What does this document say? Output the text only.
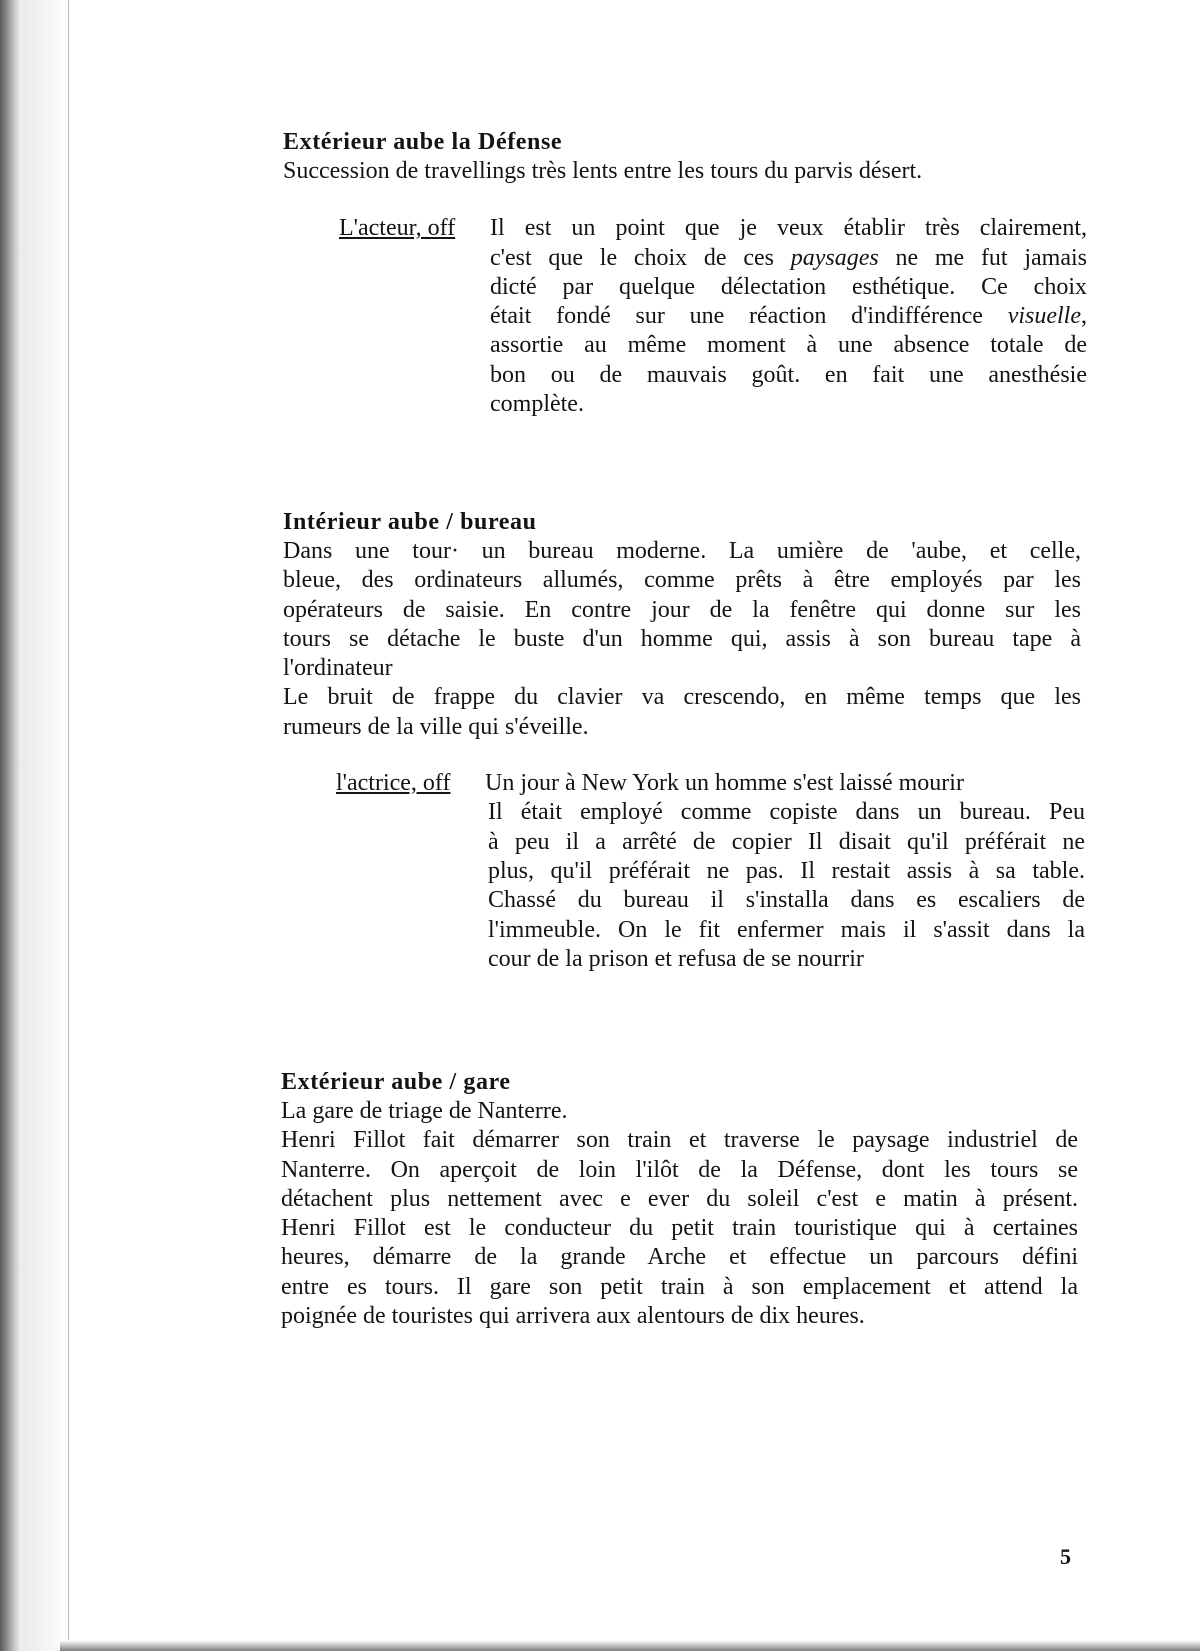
Extérieur aube la Défense

Succession de travellings très lents entre les tours du parvis désert.

L'acteur, off Il est un point que je veux établir très clairement,
c'est que le choix de ces paysages ne me fut jamais
dicté par quelque délectation esthétique. Ce choix
était fondé sur une réaction d'indifférence visuelle,
assortie au même moment à une absence totale de
bon ou de mauvais goût. en fait une anesthésie
complète.

Intérieur aube / bureau

Dans une tour· un bureau moderne. La umière de 'aube, et celle,
bleue, des ordinateurs allumés, comme prêts à être employés par les
opérateurs de saisie. En contre jour de la fenêtre qui donne sur les
tours se détache le buste d'un homme qui, assis à son bureau tape à
l'ordinateur
Le bruit de frappe du clavier va crescendo, en même temps que les
rumeurs de la ville qui s'éveille.

l'actrice, off Un jour à New York un homme s'est laissé mourir
Il était employé comme copiste dans un bureau. Peu
à peu il a arrêté de copier Il disait qu'il préférait ne
plus, qu'il préférait ne pas. Il restait assis à sa table.
Chassé du bureau il s'installa dans es escaliers de
l'immeuble. On le fit enfermer mais il s'assit dans la
cour de la prison et refusa de se nourrir

Extérieur aube / gare

La gare de triage de Nanterre.
Henri Fillot fait démarrer son train et traverse le paysage industriel de
Nanterre. On aperçoit de loin l'ilôt de la Défense, dont les tours se
détachent plus nettement avec e ever du soleil c'est e matin à présent.
Henri Fillot est le conducteur du petit train touristique qui à certaines
heures, démarre de la grande Arche et effectue un parcours défini
entre es tours. Il gare son petit train à son emplacement et attend la
poignée de touristes qui arrivera aux alentours de dix heures.

5
